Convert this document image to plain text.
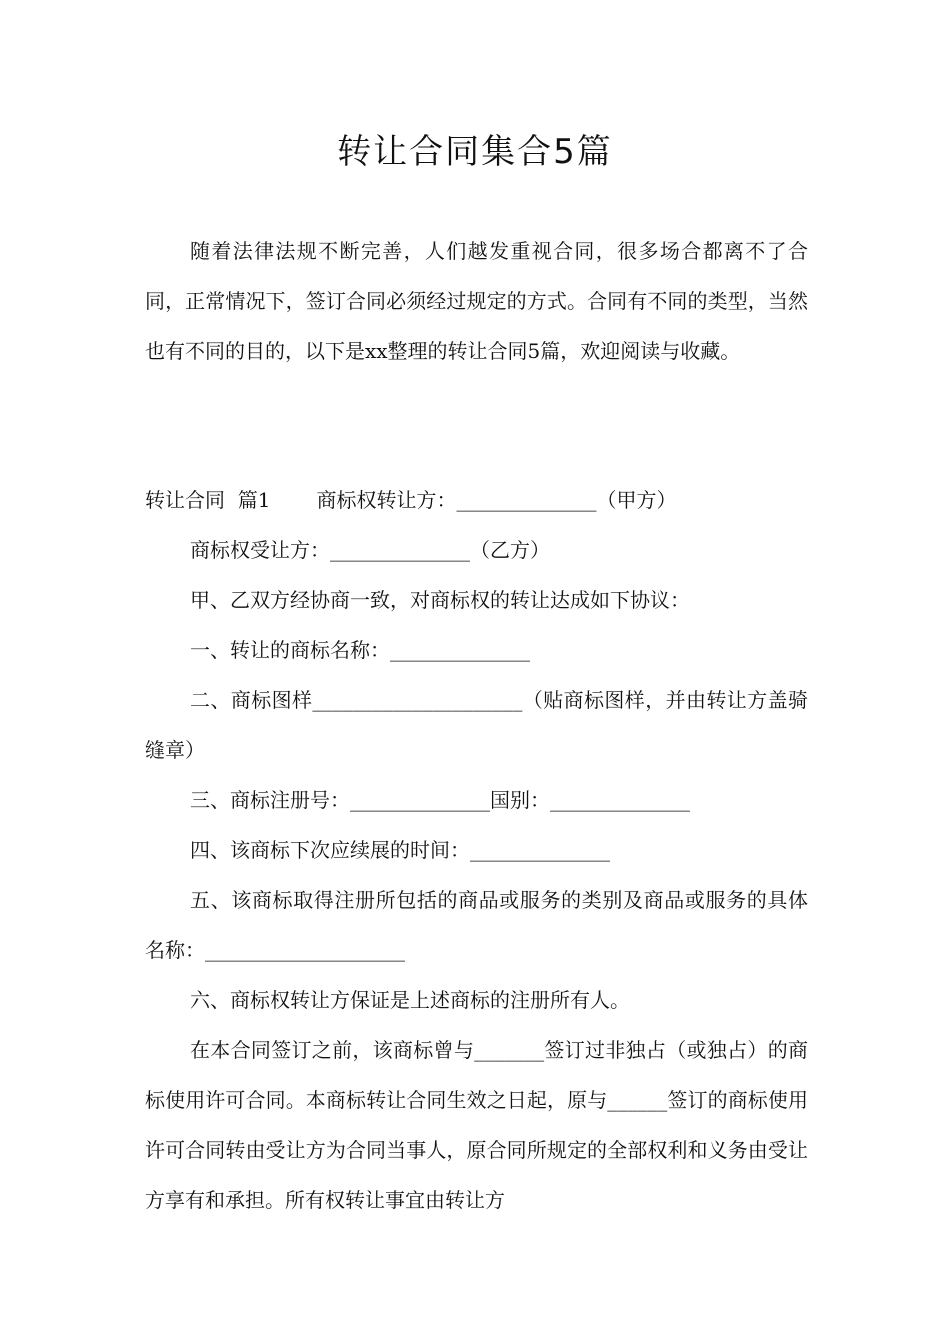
转让合同集合5篇

随着法律法规不断完善，人们越发重视合同，很多场合都离不了合同，正常情况下，签订合同必须经过规定的方式。合同有不同的类型，当然也有不同的目的，以下是xx整理的转让合同5篇，欢迎阅读与收藏。

转让合同  篇1 商标权转让方：______________（甲方）

商标权受让方：______________（乙方）

甲、乙双方经协商一致，对商标权的转让达成如下协议：

一、转让的商标名称：______________

二、商标图样_____________________（贴商标图样，并由转让方盖骑缝章）

三、商标注册号：______________国别：______________

四、该商标下次应续展的时间：______________

五、该商标取得注册所包括的商品或服务的类别及商品或服务的具体名称：____________________

六、商标权转让方保证是上述商标的注册所有人。

在本合同签订之前，该商标曾与_______签订过非独占（或独占）的商标使用许可合同。本商标转让合同生效之日起，原与______签订的商标使用许可合同转由受让方为合同当事人，原合同所规定的全部权利和义务由受让方享有和承担。所有权转让事宜由转让方
